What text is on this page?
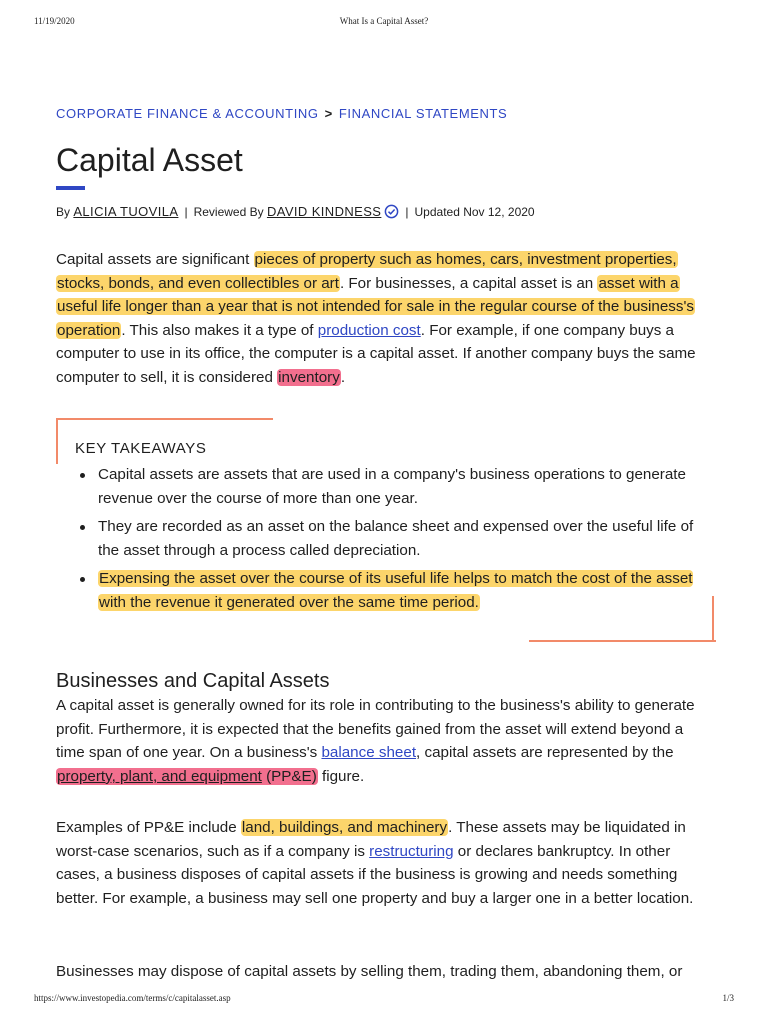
11/19/2020	What Is a Capital Asset?
CORPORATE FINANCE & ACCOUNTING > FINANCIAL STATEMENTS
Capital Asset
By ALICIA TUOVILA | Reviewed By DAVID KINDNESS | Updated Nov 12, 2020

Capital assets are significant pieces of property such as homes, cars, investment properties, stocks, bonds, and even collectibles or art. For businesses, a capital asset is an asset with a useful life longer than a year that is not intended for sale in the regular course of the business's operation. This also makes it a type of production cost. For example, if one company buys a computer to use in its office, the computer is a capital asset. If another company buys the same computer to sell, it is considered inventory.

KEY TAKEAWAYS
Capital assets are assets that are used in a company's business operations to generate revenue over the course of more than one year.
They are recorded as an asset on the balance sheet and expensed over the useful life of the asset through a process called depreciation.
Expensing the asset over the course of its useful life helps to match the cost of the asset with the revenue it generated over the same time period.
Businesses and Capital Assets

A capital asset is generally owned for its role in contributing to the business's ability to generate profit. Furthermore, it is expected that the benefits gained from the asset will extend beyond a time span of one year. On a business's balance sheet, capital assets are represented by the property, plant, and equipment (PP&E) figure.

Examples of PP&E include land, buildings, and machinery. These assets may be liquidated in worst-case scenarios, such as if a company is restructuring or declares bankruptcy. In other cases, a business disposes of capital assets if the business is growing and needs something better. For example, a business may sell one property and buy a larger one in a better location.

Businesses may dispose of capital assets by selling them, trading them, abandoning them, or

https://www.investopedia.com/terms/c/capitalasset.asp	1/3
